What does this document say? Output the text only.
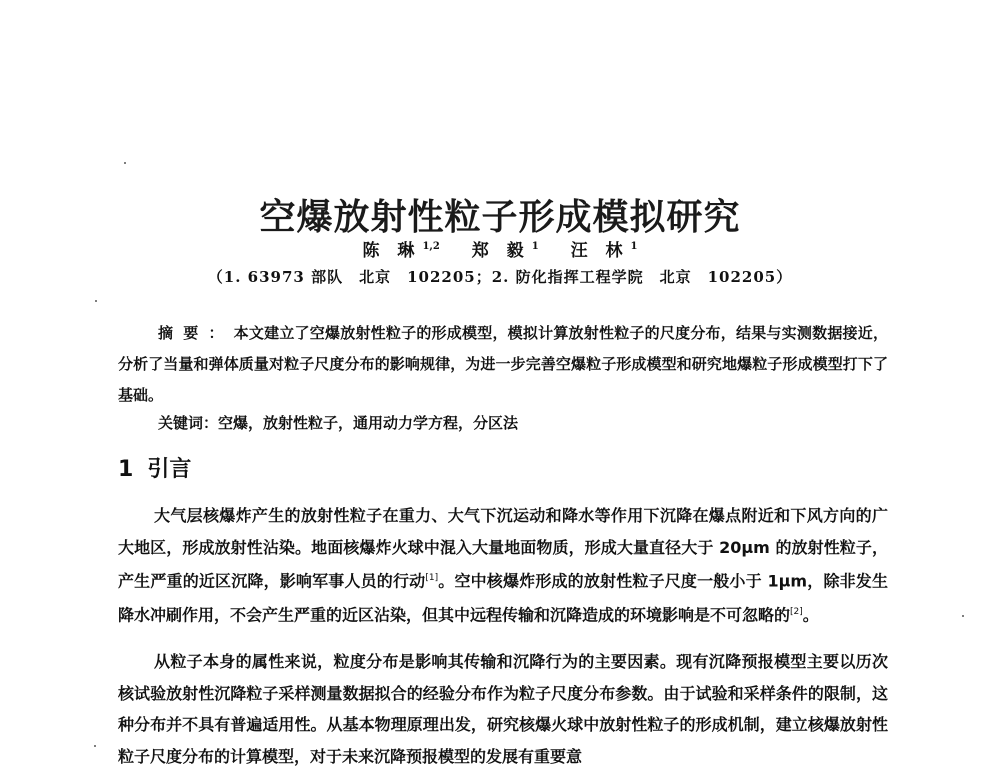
空爆放射性粒子形成模拟研究
陈 琳 $^{1,2}$ 郑 毅 $^1$ 汪 林 $^1$
（1. 63973 部队　北京　102205；2. 防化指挥工程学院　北京　102205）

摘要：本文建立了空爆放射性粒子的形成模型，模拟计算放射性粒子的尺度分布，结果与实测数据接近，分析了当量和弹体质量对粒子尺度分布的影响规律，为进一步完善空爆粒子形成模型和研究地爆粒子形成模型打下了基础。

关键词：空爆，放射性粒子，通用动力学方程，分区法

1 引言

大气层核爆炸产生的放射性粒子在重力、大气下沉运动和降水等作用下沉降在爆点附近和下风方向的广大地区，形成放射性沾染。地面核爆炸火球中混入大量地面物质，形成大量直径大于 20μm 的放射性粒子，产生严重的近区沉降，影响军事人员的行动[1]。空中核爆炸形成的放射性粒子尺度一般小于 1μm，除非发生降水冲刷作用，不会产生严重的近区沾染，但其中远程传输和沉降造成的环境影响是不可忽略的[2]。

从粒子本身的属性来说，粒度分布是影响其传输和沉降行为的主要因素。现有沉降预报模型主要以历次核试验放射性沉降粒子采样测量数据拟合的经验分布作为粒子尺度分布参数。由于试验和采样条件的限制，这种分布并不具有普遍适用性。从基本物理原理出发，研究核爆火球中放射性粒子的形成机制，建立核爆放射性粒子尺度分布的计算模型，对于未来沉降预报模型的发展有重要意
